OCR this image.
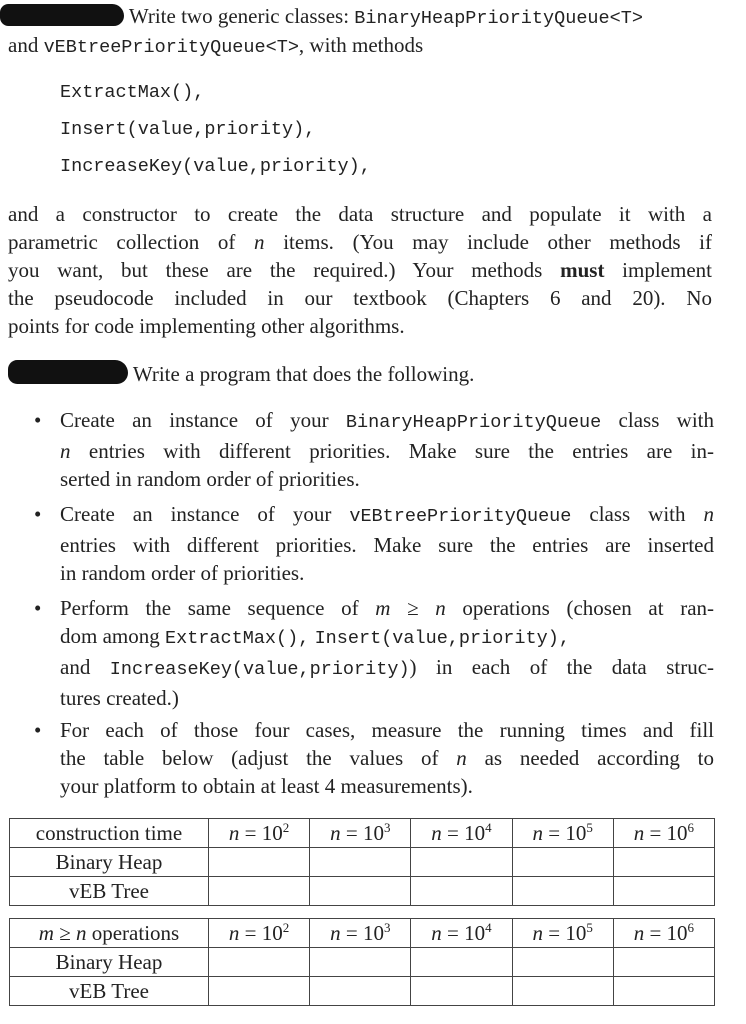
Write two generic classes: BinaryHeapPriorityQueue<T>
and vEBtreePriorityQueue<T>, with methods
ExtractMax(),
Insert(value,priority),
IncreaseKey(value,priority),
and a constructor to create the data structure and populate it with a
parametric collection of n items. (You may include other methods if
you want, but these are the required.) Your methods must implement
the pseudocode included in our textbook (Chapters 6 and 20). No
points for code implementing other algorithms.
Write a program that does the following.
• Create an instance of your BinaryHeapPriorityQueue class with
n entries with different priorities. Make sure the entries are in-
serted in random order of priorities.
• Create an instance of your vEBtreePriorityQueue class with n
entries with different priorities. Make sure the entries are inserted
in random order of priorities.
• Perform the same sequence of m ≥ n operations (chosen at ran-
dom among ExtractMax(), Insert(value,priority),
and IncreaseKey(value,priority)) in each of the data struc-
tures created.)
• For each of those four cases, measure the running times and fill
the table below (adjust the values of n as needed according to
your platform to obtain at least 4 measurements).
construction time	$n = 10^2$	$n = 10^3$	$n = 10^4$	$n = 10^5$	$n = 10^6$
Binary Heap					
vEB Tree					
m ≥ n operations	$n = 10^2$	$n = 10^3$	$n = 10^4$	$n = 10^5$	$n = 10^6$
Binary Heap					
vEB Tree					
